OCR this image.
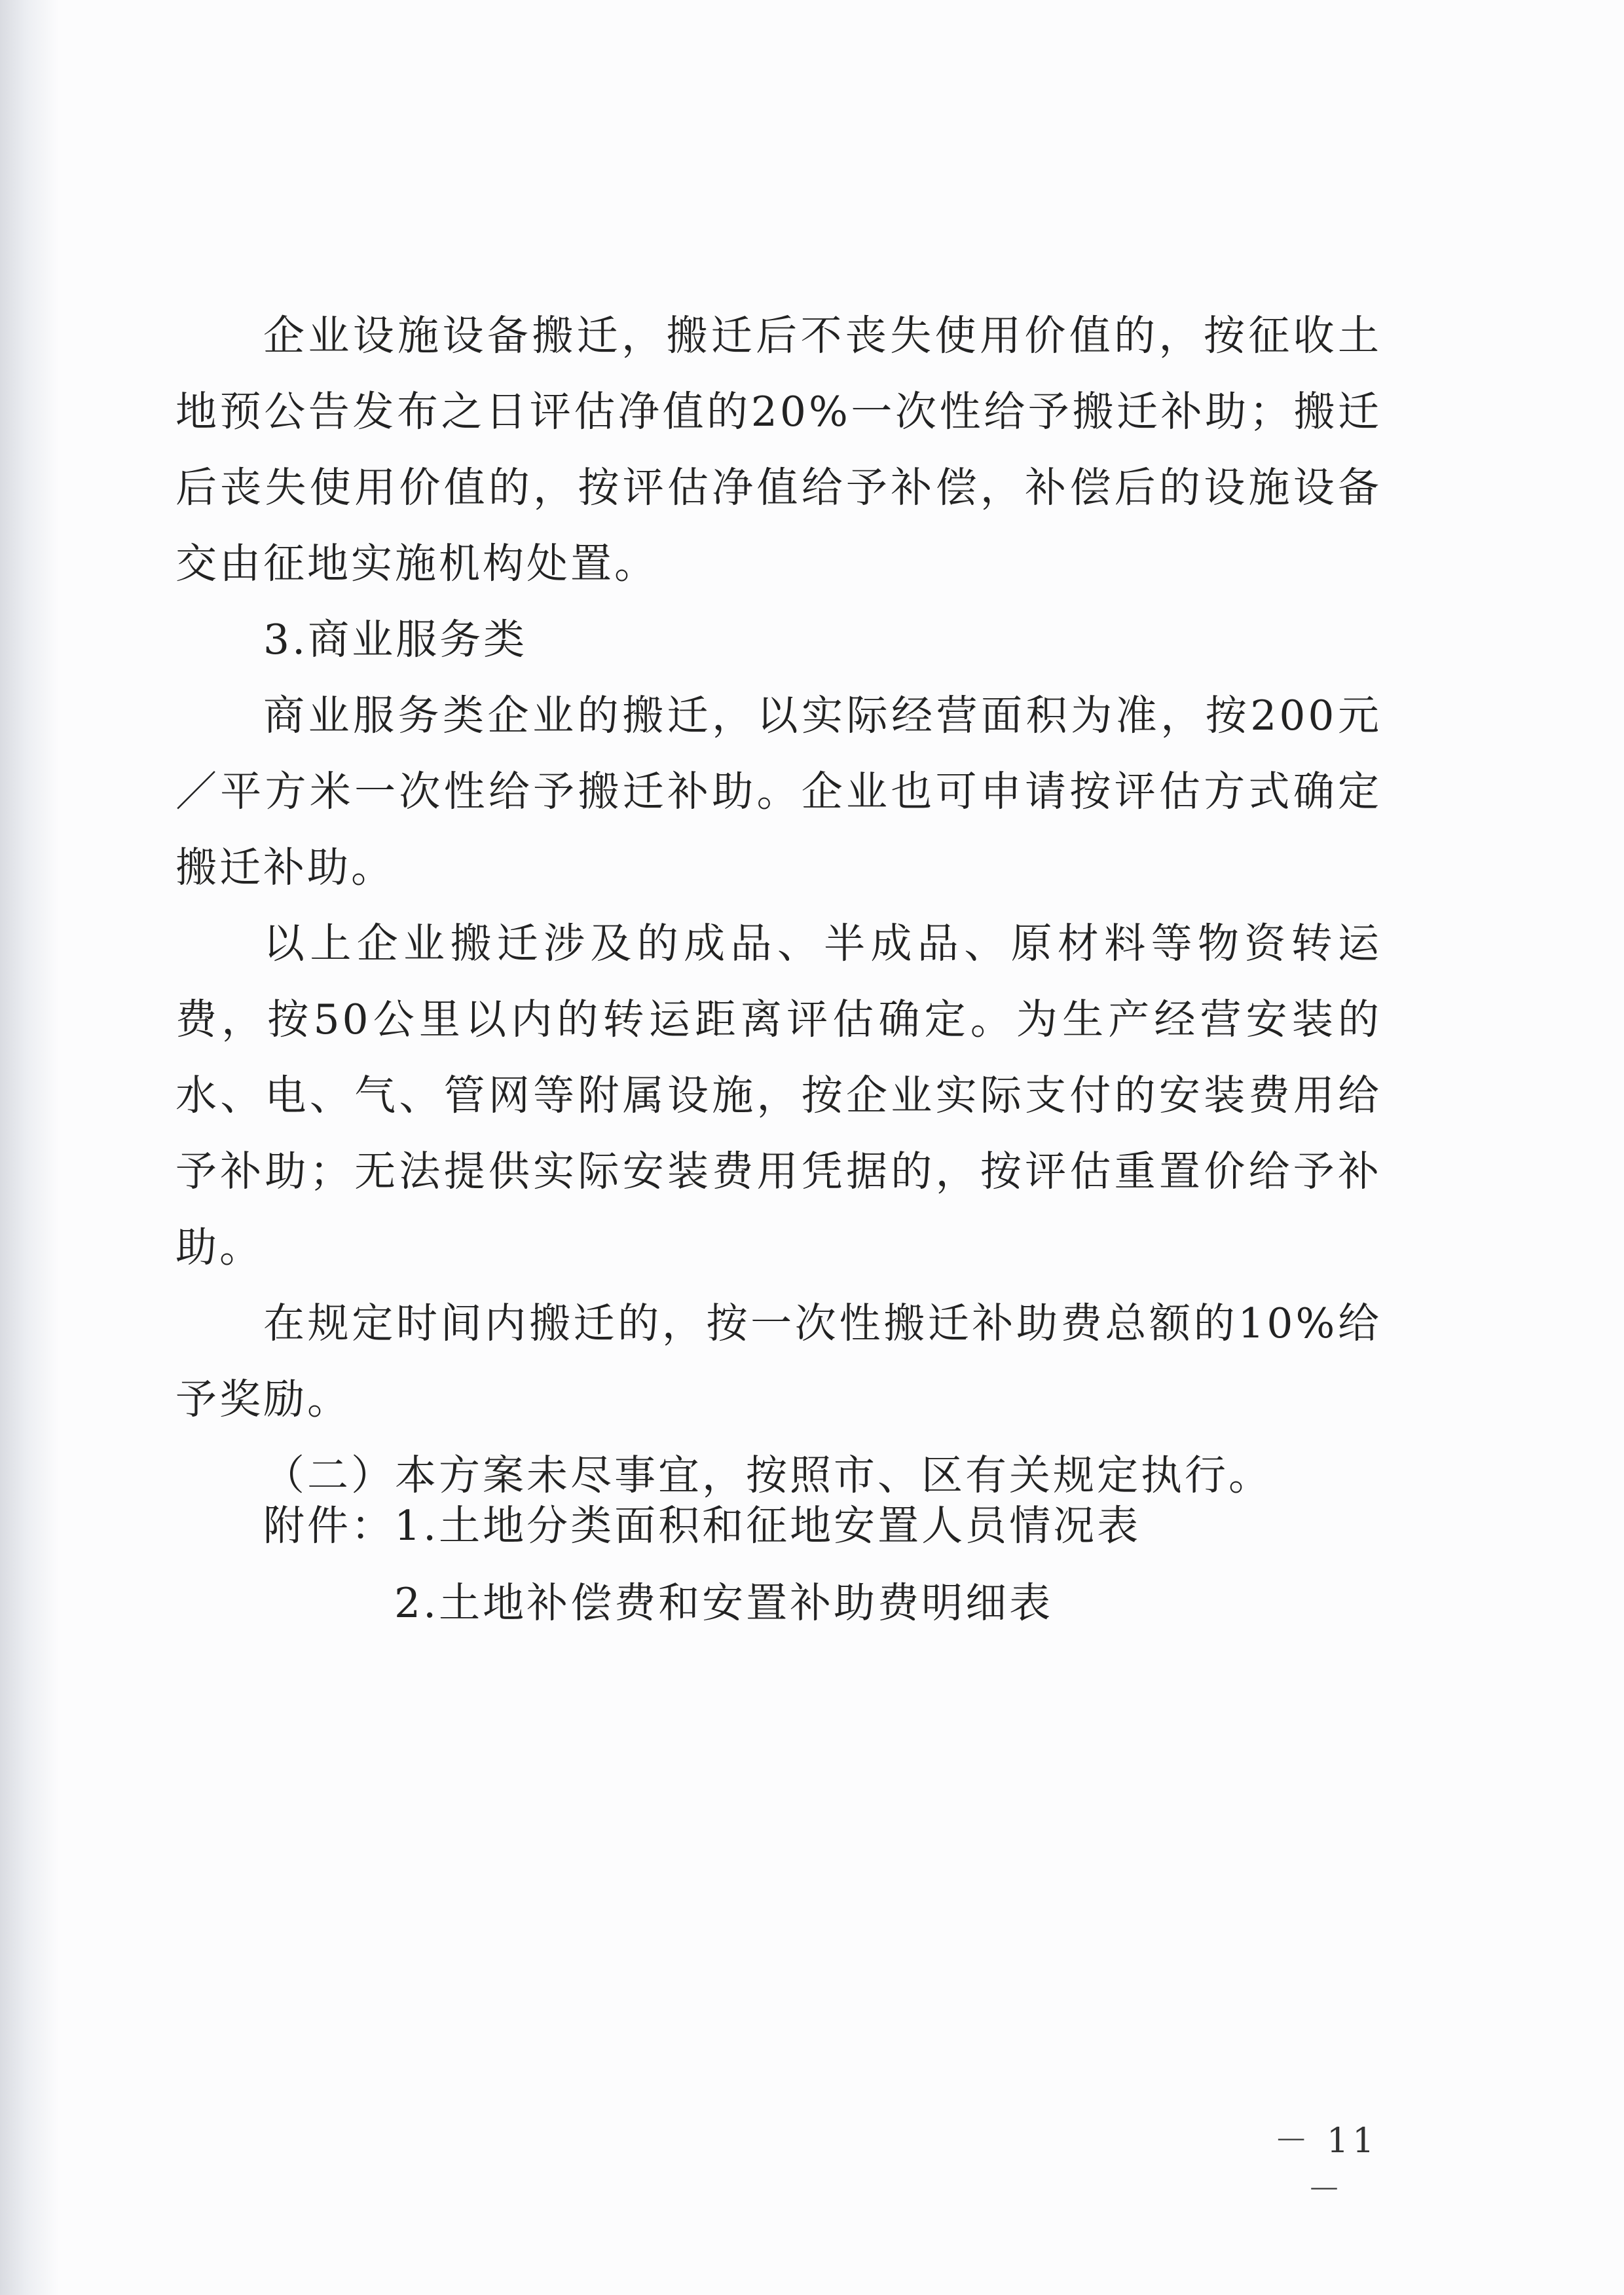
企业设施设备搬迁，搬迁后不丧失使用价值的，按征收土地预公告发布之日评估净值的20%一次性给予搬迁补助；搬迁后丧失使用价值的，按评估净值给予补偿，补偿后的设施设备交由征地实施机构处置。

3.商业服务类

商业服务类企业的搬迁，以实际经营面积为准，按200元／平方米一次性给予搬迁补助。企业也可申请按评估方式确定搬迁补助。

以上企业搬迁涉及的成品、半成品、原材料等物资转运费，按50公里以内的转运距离评估确定。为生产经营安装的水、电、气、管网等附属设施，按企业实际支付的安装费用给予补助；无法提供实际安装费用凭据的，按评估重置价给予补助。

在规定时间内搬迁的，按一次性搬迁补助费总额的10%给予奖励。

（二）本方案未尽事宜，按照市、区有关规定执行。

附件： 1.土地分类面积和征地安置人员情况表
2.土地补偿费和安置补助费明细表
－ 11 －
